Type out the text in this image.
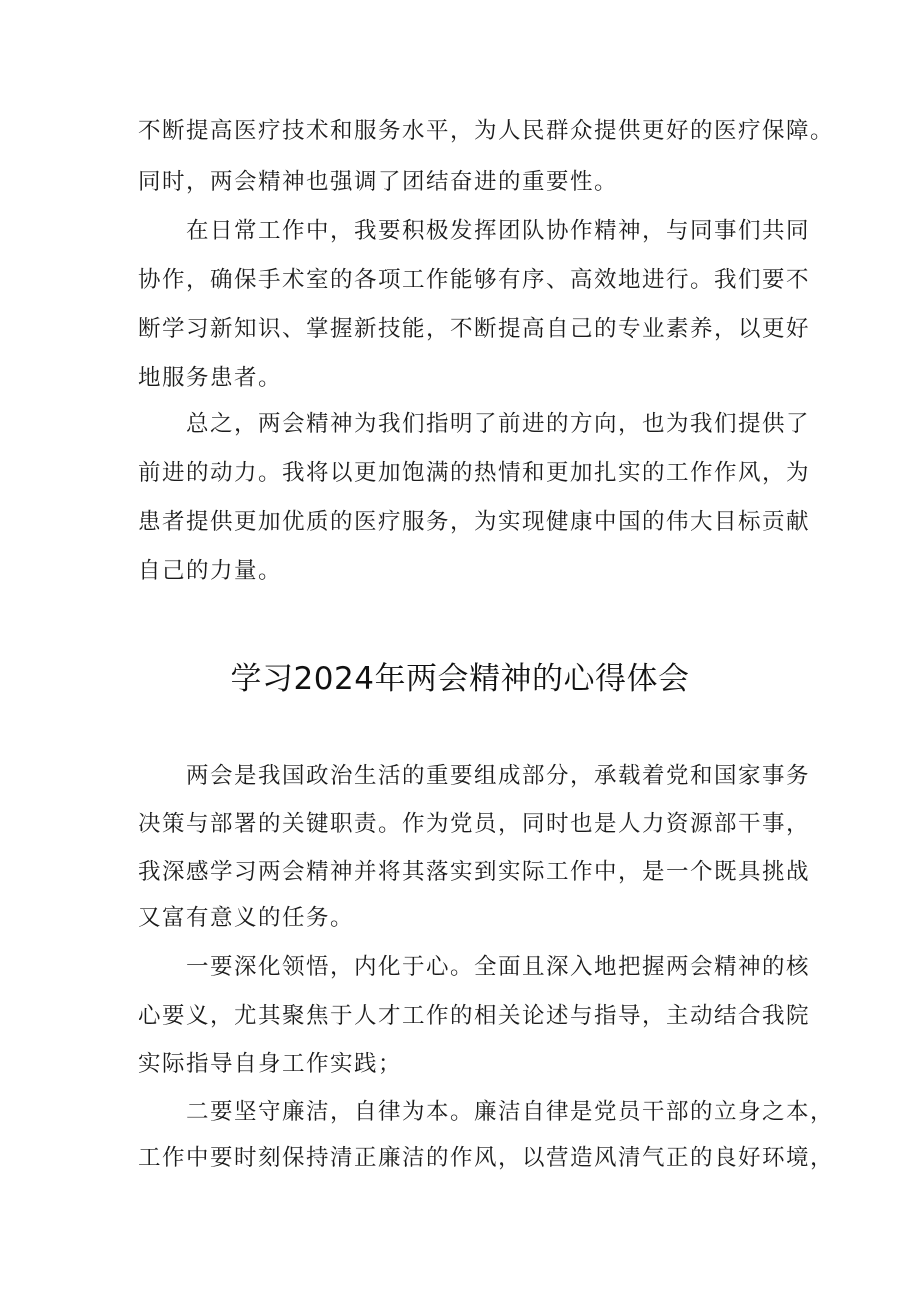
不断提高医疗技术和服务水平，为人民群众提供更好的医疗保障。
同时，两会精神也强调了团结奋进的重要性。
在日常工作中，我要积极发挥团队协作精神，与同事们共同
协作，确保手术室的各项工作能够有序、高效地进行。我们要不
断学习新知识、掌握新技能，不断提高自己的专业素养，以更好
地服务患者。
总之，两会精神为我们指明了前进的方向，也为我们提供了
前进的动力。我将以更加饱满的热情和更加扎实的工作作风，为
患者提供更加优质的医疗服务，为实现健康中国的伟大目标贡献
自己的力量。
学习2024年两会精神的心得体会
两会是我国政治生活的重要组成部分，承载着党和国家事务
决策与部署的关键职责。作为党员，同时也是人力资源部干事，
我深感学习两会精神并将其落实到实际工作中，是一个既具挑战
又富有意义的任务。
一要深化领悟，内化于心。全面且深入地把握两会精神的核
心要义，尤其聚焦于人才工作的相关论述与指导，主动结合我院
实际指导自身工作实践；
二要坚守廉洁，自律为本。廉洁自律是党员干部的立身之本，
工作中要时刻保持清正廉洁的作风，以营造风清气正的良好环境，
